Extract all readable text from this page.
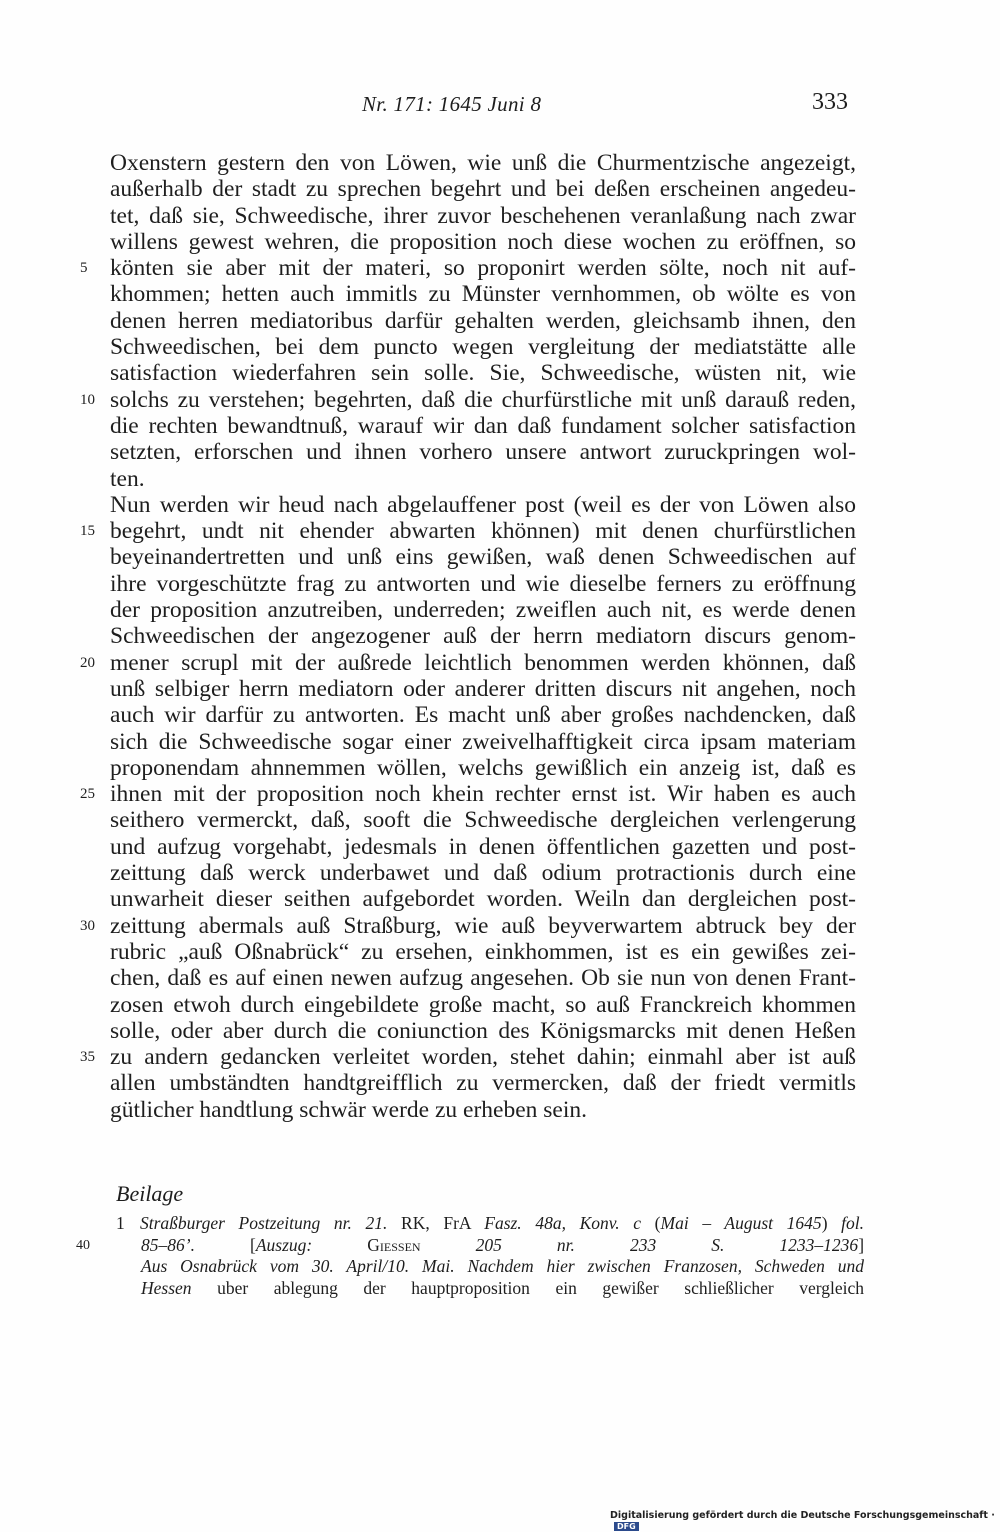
Nr. 171: 1645 Juni 8	333
Oxenstern gestern den von Löwen, wie unß die Churmentzische angezeigt,
außerhalb der stadt zu sprechen begehrt und bei deßen erscheinen angedeu-
tet, daß sie, Schweedische, ihrer zuvor beschehenen veranlaßung nach zwar
willens gewest wehren, die proposition noch diese wochen zu eröffnen, so
5 könten sie aber mit der materi, so proponirt werden sölte, noch nit auf-
khommen; hetten auch immitls zu Münster vernhommen, ob wölte es von
denen herren mediatoribus darfür gehalten werden, gleichsamb ihnen, den
Schweedischen, bei dem puncto wegen vergleitung der mediatstätte alle
satisfaction wiederfahren sein solle. Sie, Schweedische, wüsten nit, wie
10 solchs zu verstehen; begehrten, daß die churfürstliche mit unß darauß reden,
die rechten bewandtnuß, warauf wir dan daß fundament solcher satisfaction
setzten, erforschen und ihnen vorhero unsere antwort zuruckpringen wol-
ten.
Nun werden wir heud nach abgelauffener post (weil es der von Löwen also
15 begehrt, undt nit ehender abwarten khönnen) mit denen churfürstlichen
beyeinandertretten und unß eins gewißen, waß denen Schweedischen auf
ihre vorgeschützte frag zu antworten und wie dieselbe ferners zu eröffnung
der proposition anzutreiben, underreden; zweiflen auch nit, es werde denen
Schweedischen der angezogener auß der herrn mediatorn discurs genom-
20 mener scrupl mit der außrede leichtlich benommen werden khönnen, daß
unß selbiger herrn mediatorn oder anderer dritten discurs nit angehen, noch
auch wir darfür zu antworten. Es macht unß aber großes nachdencken, daß
sich die Schweedische sogar einer zweivelhafftigkeit circa ipsam materiam
proponendam ahnnemmen wöllen, welchs gewißlich ein anzeig ist, daß es
25 ihnen mit der proposition noch khein rechter ernst ist. Wir haben es auch
seithero vermerckt, daß, sooft die Schweedische dergleichen verlengerung
und aufzug vorgehabt, jedesmals in denen öffentlichen gazetten und post-
zeittung daß werck underbawet und daß odium protractionis durch eine
unwarheit dieser seithen aufgebordet worden. Weiln dan dergleichen post-
30 zeittung abermals auß Straßburg, wie auß beyverwartem abtruck bey der
rubric „auß Oßnabrück“ zu ersehen, einkhommen, ist es ein gewißes zei-
chen, daß es auf einen newen aufzug angesehen. Ob sie nun von denen Frant-
zosen etwoh durch eingebildete große macht, so auß Franckreich khommen
solle, oder aber durch die coniunction des Königsmarcks mit denen Heßen
35 zu andern gedancken verleitet worden, stehet dahin; einmahl aber ist auß
allen umbständten handtgreifflich zu vermercken, daß der friedt vermitls
gütlicher handtlung schwär werde zu erheben sein.
Beilage
1 Straßburger Postzeitung nr. 21. RK, FrA Fasz. 48a, Konv. c (Mai – August 1645) fol.
40	85–86’. [Auszug: Giessen 205 nr. 233 S. 1233–1236]
Aus Osnabrück vom 30. April/10. Mai. Nachdem hier zwischen Franzosen, Schweden und
Hessen uber ablegung der hauptproposition ein gewißer schließlicher vergleich
Digitalisierung gefördert durch die Deutsche Forschungsgemeinschaft ·DFG
